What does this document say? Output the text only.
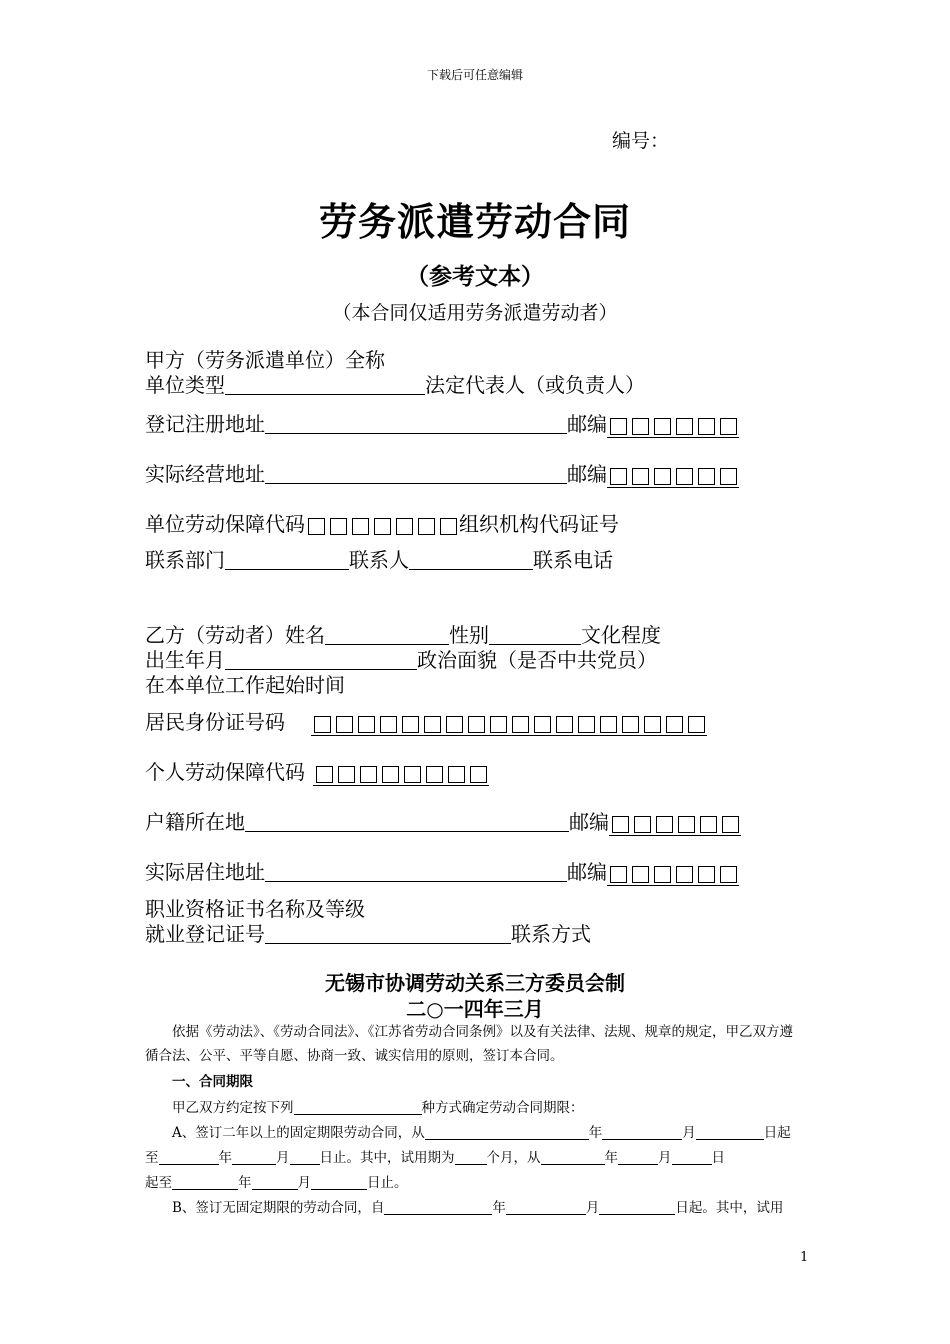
下载后可任意编辑
编号：
劳务派遣劳动合同
（参考文本）
（本合同仅适用劳务派遣劳动者）
甲方（劳务派遣单位）全称
单位类型	法定代表人（或负责人）
登记注册地址	邮编
实际经营地址	邮编
单位劳动保障代码	组织机构代码证号
联系部门	联系人	联系电话
乙方（劳动者）姓名	性别	文化程度
出生年月	政治面貌（是否中共党员）
在本单位工作起始时间
居民身份证号码
个人劳动保障代码
户籍所在地	邮编
实际居住地址	邮编
职业资格证书名称及等级
就业登记证号	联系方式
无锡市协调劳动关系三方委员会制
二○一四年三月
依据《劳动法》、《劳动合同法》、《江苏省劳动合同条例》以及有关法律、法规、规章的规定，甲乙双方遵循合法、公平、平等自愿、协商一致、诚实信用的原则，签订本合同。
一、合同期限
甲乙双方约定按下列	种方式确定劳动合同期限：
A、签订二年以上的固定期限劳动合同，从	年	月	日起
至	年	月 日止。其中，试用期为 个月，从	年	月	日
起至	年	月	日止。
B、签订无固定期限的劳动合同，自	年	月	日起。其中，试用
1
